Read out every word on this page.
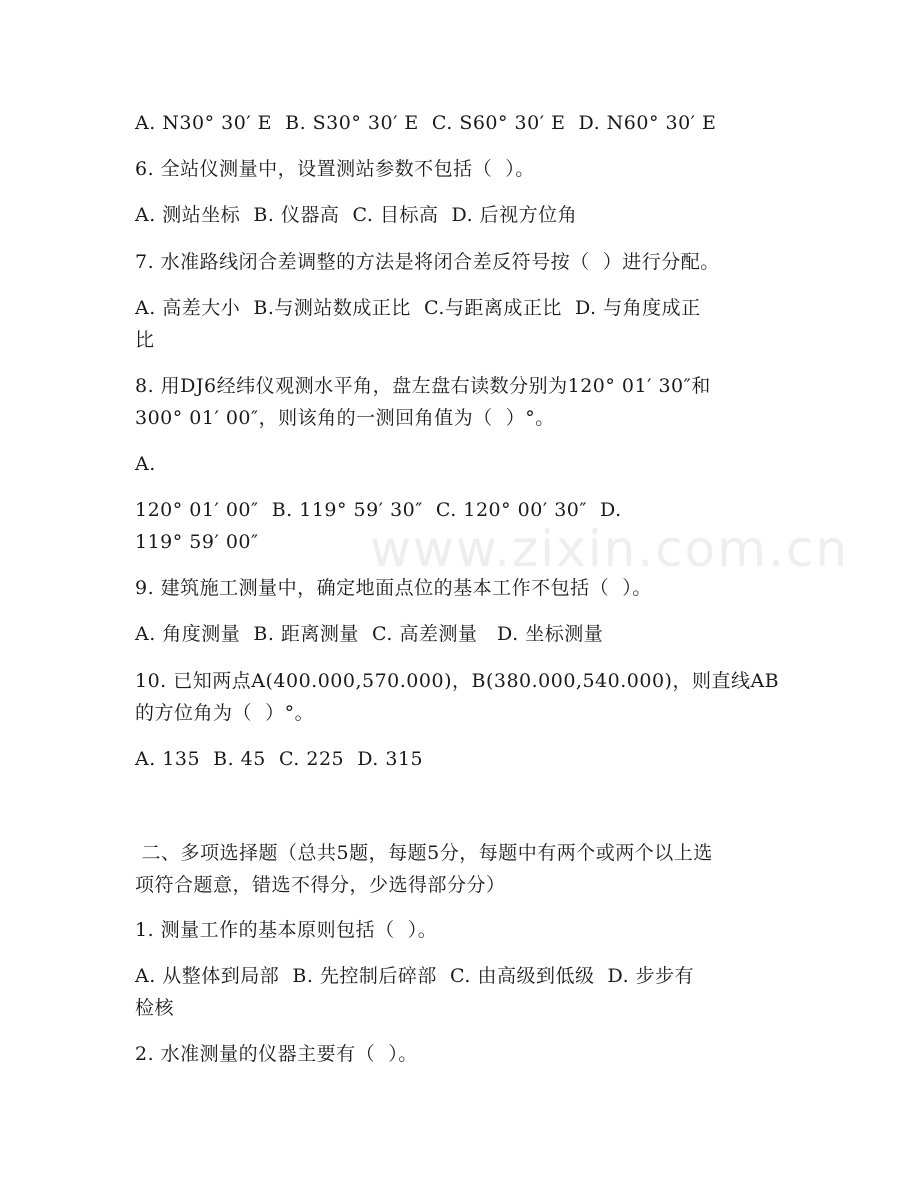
www.zixin.com.cn
A. N30° 30′ E  B. S30° 30′ E  C. S60° 30′ E  D. N60° 30′ E
6. 全站仪测量中，设置测站参数不包括（  ）。
A. 测站坐标  B. 仪器高  C. 目标高  D. 后视方位角
7. 水准路线闭合差调整的方法是将闭合差反符号按（  ）进行分配。
A. 高差大小  B.与测站数成正比  C.与距离成正比  D. 与角度成正
比
8. 用DJ6经纬仪观测水平角，盘左盘右读数分别为120° 01′ 30″和
300° 01′ 00″，则该角的一测回角值为（  ）°。
A.
120° 01′ 00″  B. 119° 59′ 30″  C. 120° 00′ 30″  D.
119° 59′ 00″
9. 建筑施工测量中，确定地面点位的基本工作不包括（  ）。
A. 角度测量  B. 距离测量  C. 高差测量   D. 坐标测量
10. 已知两点A(400.000,570.000)，B(380.000,540.000)，则直线AB
的方位角为（  ）°。
A. 135  B. 45  C. 225  D. 315
二、多项选择题（总共5题，每题5分，每题中有两个或两个以上选
项符合题意，错选不得分，少选得部分分）
1. 测量工作的基本原则包括（  ）。
A. 从整体到局部  B. 先控制后碎部  C. 由高级到低级  D. 步步有
检核
2. 水准测量的仪器主要有（  ）。
